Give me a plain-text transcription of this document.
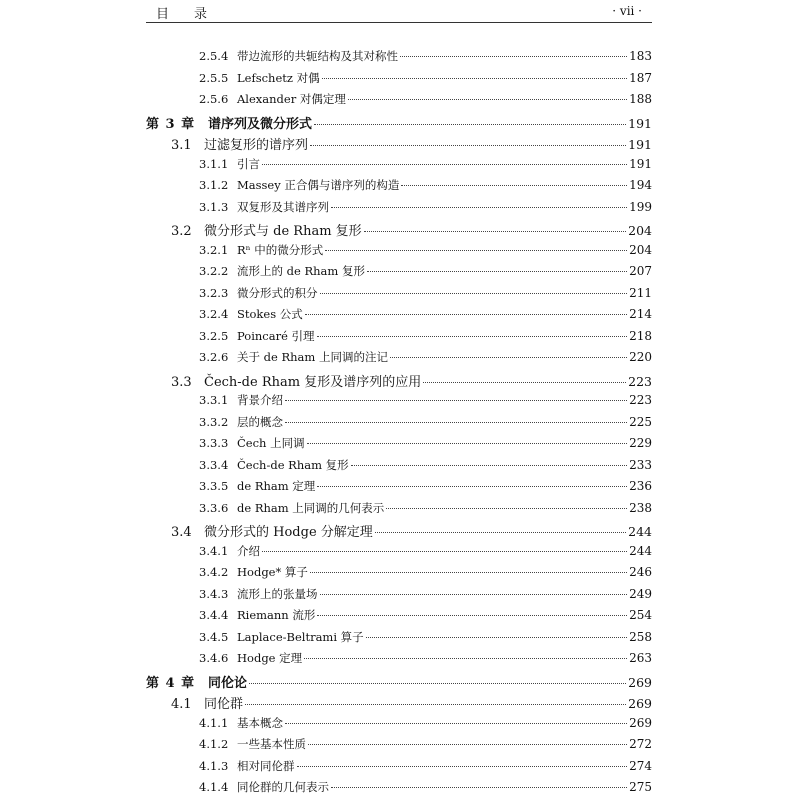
目　录	· vii ·
2.5.4 带边流形的共轭结构及其对称性	183
2.5.5 Lefschetz 对偶	187
2.5.6 Alexander 对偶定理	188
第 3 章 谱序列及微分形式	191
3.1 过滤复形的谱序列	191
3.1.1 引言	191
3.1.2 Massey 正合偶与谱序列的构造	194
3.1.3 双复形及其谱序列	199
3.2 微分形式与 de Rham 复形	204
3.2.1 Rⁿ 中的微分形式	204
3.2.2 流形上的 de Rham 复形	207
3.2.3 微分形式的积分	211
3.2.4 Stokes 公式	214
3.2.5 Poincaré 引理	218
3.2.6 关于 de Rham 上同调的注记	220
3.3 Čech-de Rham 复形及谱序列的应用	223
3.3.1 背景介绍	223
3.3.2 层的概念	225
3.3.3 Čech 上同调	229
3.3.4 Čech-de Rham 复形	233
3.3.5 de Rham 定理	236
3.3.6 de Rham 上同调的几何表示	238
3.4 微分形式的 Hodge 分解定理	244
3.4.1 介绍	244
3.4.2 Hodge* 算子	246
3.4.3 流形上的张量场	249
3.4.4 Riemann 流形	254
3.4.5 Laplace-Beltrami 算子	258
3.4.6 Hodge 定理	263
第 4 章 同伦论	269
4.1 同伦群	269
4.1.1 基本概念	269
4.1.2 一些基本性质	272
4.1.3 相对同伦群	274
4.1.4 同伦群的几何表示	275
